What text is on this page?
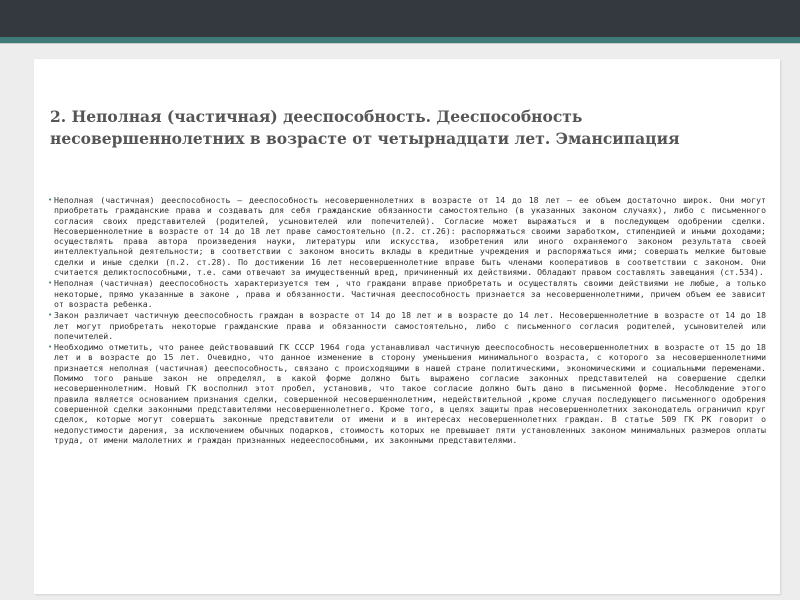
2. Неполная (частичная) дееспособность. Дееспособность несовершеннолетних в возрасте от четырнадцати лет. Эмансипация
• Неполная (частичная) дееспособность – дееспособность несовершеннолетних в возрасте от 14 до 18 лет – ее объем достаточно широк. Они могут приобретать гражданские права и создавать для себя гражданские обязанности самостоятельно (в указанных законом случаях), либо с письменного согласия своих представителей (родителей, усыновителей или попечителей). Согласие может выражаться и в последующем одобрении сделки. Несовершеннолетние в возрасте от 14 до 18 лет праве самостоятельно (п.2. ст.26): распоряжаться своими заработком, стипендией и иными доходами; осуществлять права автора произведения науки, литературы или искусства, изобретения или иного охраняемого законом результата своей интеллектуальной деятельности; в соответствии с законом вносить вклады в кредитные учреждения и распоряжаться ими; совершать мелкие бытовые сделки и иные сделки (п.2. ст.28). По достижении 16 лет несовершеннолетние вправе быть членами кооперативов в соответствии с законом. Они считается деликтоспособными, т.е. сами отвечают за имущественный вред, причиненный их действиями. Обладают правом составлять завещания (ст.534).
• Неполная (частичная) дееспособность характеризуется тем , что граждани вправе приобретать и осуществлять своими действиями не любые, а только некоторые, прямо указанные в законе , права и обязанности. Частичная дееспособность признается за несовершеннолетними, причем объем ее зависит от возраста ребенка.
• Закон различает частичную дееспособность граждан в возрасте от 14 до 18 лет и в возрасте до 14 лет. Несовершеннолетние в возрасте от 14 до 18 лет могут приобретать некоторые гражданские права и обязанности самостоятельно, либо с письменного согласия родителей, усыновителей или попечителей.
• Необходимо отметить, что ранее действовавший ГК СССР 1964 года устанавливал частичную дееспособность несовершеннолетних в возрасте от 15 до 18 лет и в возрасте до 15 лет. Очевидно, что данное изменение в сторону уменьшения минимального возраста, с которого за несовершеннолетними признается неполная (частичная) дееспособность, связано с происходящими в нашей стране политическими, экономическими и социальными переменами. Помимо того раньше закон не определял, в какой форме должно быть выражено согласие законных представителей на совершение сделки несовершеннолетним. Новый ГК восполнил этот пробел, установив, что такое согласие должно быть дано в письменной форме. Несоблюдение этого правила является основанием признания сделки, совершенной несовершеннолетним, недействительной ,кроме случая последующего письменного одобрения совершенной сделки законными представителями несовершеннолетнего. Кроме того, в целях защиты прав несовершеннолетних законодатель ограничил круг сделок, которые могут совершать законные представители от имени и в интересах несовершеннолетних граждан. В статье 509 ГК РК говорит о недопустимости дарения, за исключением обычных подарков, стоимость которых не превышает пяти установленных законом минимальных размеров оплаты труда, от имени малолетних и граждан признанных недееспособными, их законными представителями.
